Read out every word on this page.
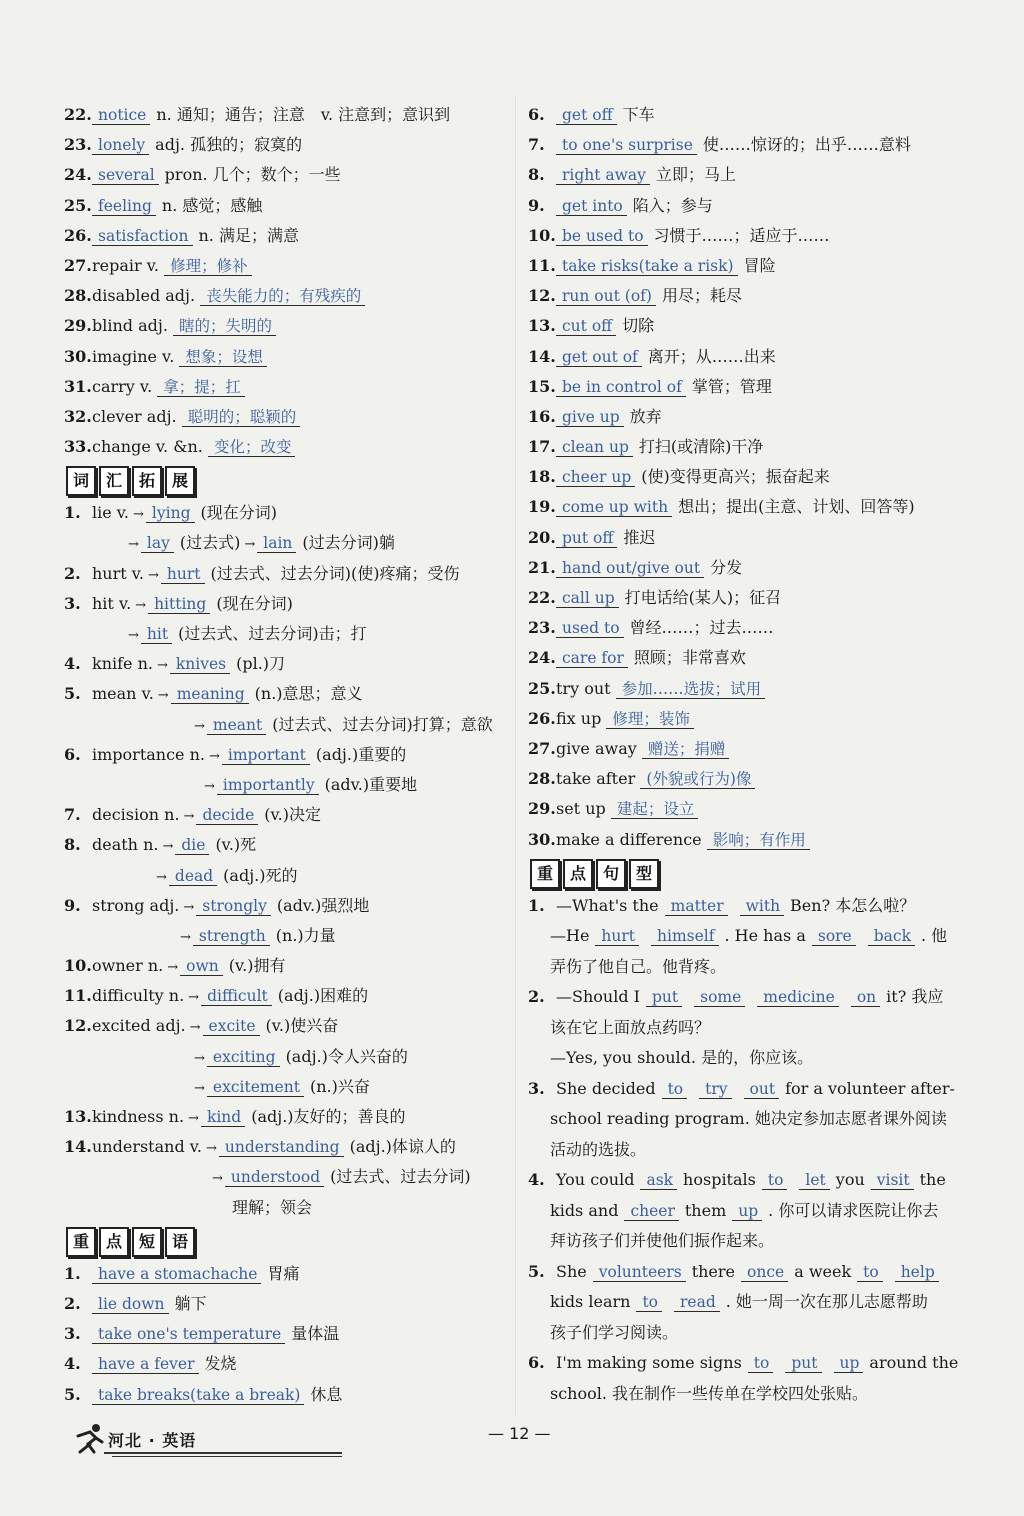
22. notice n. 通知；通告；注意　v. 注意到；意识到
23. lonely adj. 孤独的；寂寞的
24. several pron. 几个；数个；一些
25. feeling n. 感觉；感触
26. satisfaction n. 满足；满意
27.repair v. 修理；修补
28.disabled adj. 丧失能力的；有残疾的
29.blind adj. 瞎的；失明的
30.imagine v. 想象；设想
31.carry v. 拿；提；扛
32.clever adj. 聪明的；聪颖的
33.change v. &n. 变化；改变
词	汇	拓	展
1. lie v. → lying (现在分词)
→ lay (过去式) → lain (过去分词)躺
2. hurt v. → hurt (过去式、过去分词)(使)疼痛；受伤
3. hit v. → hitting (现在分词)
→ hit (过去式、过去分词)击；打
4. knife n. → knives (pl.)刀
5. mean v. → meaning (n.)意思；意义
→ meant (过去式、过去分词)打算；意欲
6. importance n. → important (adj.)重要的
→ importantly (adv.)重要地
7. decision n. → decide (v.)决定
8. death n. → die (v.)死
→ dead (adj.)死的
9. strong adj. → strongly (adv.)强烈地
→ strength (n.)力量
10.owner n. → own (v.)拥有
11.difficulty n. → difficult (adj.)困难的
12.excited adj. → excite (v.)使兴奋
→ exciting (adj.)令人兴奋的
→ excitement (n.)兴奋
13.kindness n. → kind (adj.)友好的；善良的
14.understand v. → understanding (adj.)体谅人的
→ understood (过去式、过去分词)
理解；领会
重	点	短	语
1. have a stomachache 胃痛
2. lie down 躺下
3. take one's temperature 量体温
4. have a fever 发烧
5. take breaks(take a break) 休息
6. get off 下车
7. to one's surprise 使……惊讶的；出乎……意料
8. right away 立即；马上
9. get into 陷入；参与
10. be used to 习惯于……；适应于……
11. take risks(take a risk) 冒险
12. run out (of) 用尽；耗尽
13. cut off 切除
14. get out of 离开；从……出来
15. be in control of 掌管；管理
16. give up 放弃
17. clean up 打扫(或清除)干净
18. cheer up (使)变得更高兴；振奋起来
19. come up with 想出；提出(主意、计划、回答等)
20. put off 推迟
21. hand out/give out 分发
22. call up 打电话给(某人)；征召
23. used to 曾经……；过去……
24. care for 照顾；非常喜欢
25.try out 参加……选拔；试用
26.fix up 修理；装饰
27.give away 赠送；捐赠
28.take after (外貌或行为)像
29.set up 建起；设立
30.make a difference 影响；有作用
重	点	句	型
1. —What's the matter with Ben? 本怎么啦？
—He hurt himself . He has a sore back . 他
弄伤了他自己。他背疼。
2. —Should I put some medicine on it? 我应
该在它上面放点药吗？
—Yes, you should. 是的，你应该。
3. She decided to try out for a volunteer after-
school reading program. 她决定参加志愿者课外阅读
活动的选拔。
4. You could ask hospitals to let you visit the
kids and cheer them up . 你可以请求医院让你去
拜访孩子们并使他们振作起来。
5. She volunteers there once a week to help
kids learn to read . 她一周一次在那儿志愿帮助
孩子们学习阅读。
6. I'm making some signs to put up around the
school. 我在制作一些传单在学校四处张贴。
河北 · 英语	— 12 —
